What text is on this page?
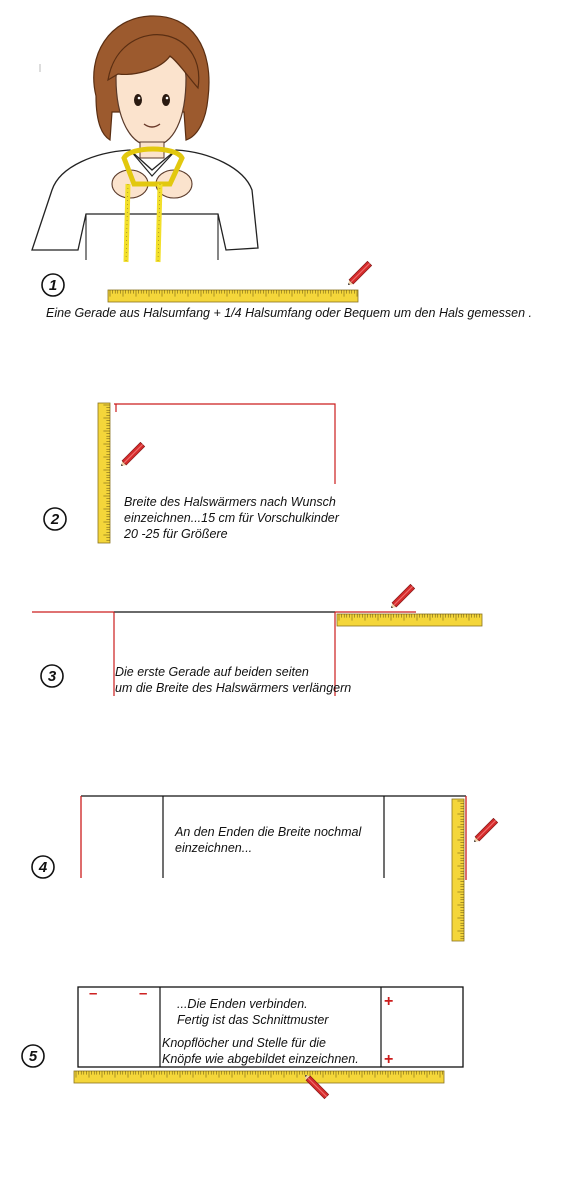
1
Eine Gerade aus Halsumfang + 1/4 Halsumfang oder Bequem um den Hals gemessen .
2
Breite des Halswärmers nach Wunsch
einzeichnen...15 cm für Vorschulkinder
20 -25 für Größere
3	Die erste Gerade auf beiden seiten
um die Breite des Halswärmers verlängern
4
An den Enden die Breite nochmal
einzeichnen...
–	–	+
+
...Die Enden verbinden.
Fertig ist das Schnittmuster
Knopflöcher und Stelle für die
Knöpfe wie abgebildet einzeichnen.
5
